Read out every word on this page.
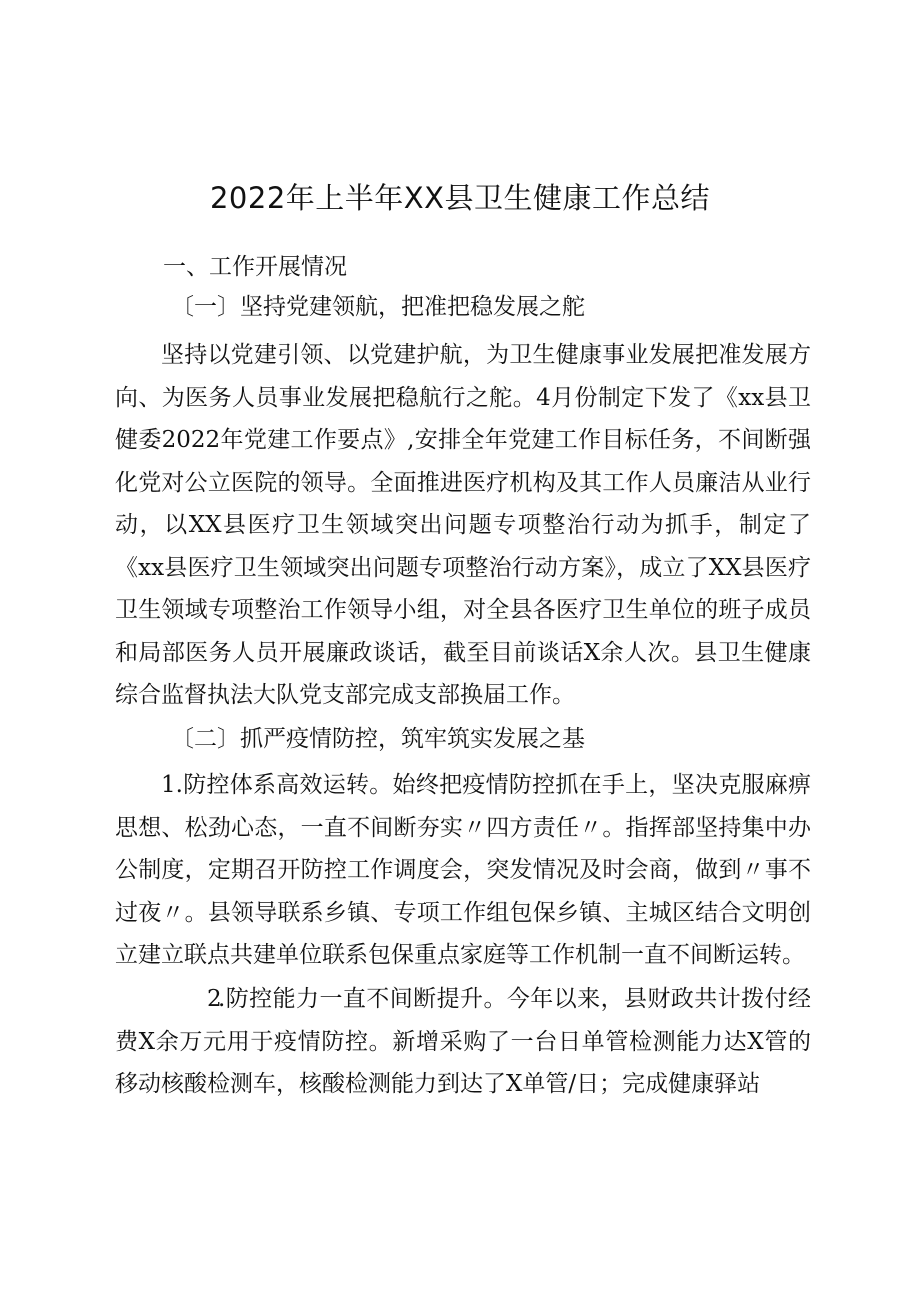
2022年上半年XX县卫生健康工作总结
一、工作开展情况
〔一〕坚持党建领航，把准把稳发展之舵

坚持以党建引领、以党建护航，为卫生健康事业发展把准发展方向、为医务人员事业发展把稳航行之舵。4月份制定下发了《xx县卫健委2022年党建工作要点》,安排全年党建工作目标任务，不间断强化党对公立医院的领导。全面推进医疗机构及其工作人员廉洁从业行动，以XX县医疗卫生领域突出问题专项整治行动为抓手，制定了《xx县医疗卫生领域突出问题专项整治行动方案》，成立了XX县医疗卫生领域专项整治工作领导小组，对全县各医疗卫生单位的班子成员和局部医务人员开展廉政谈话，截至目前谈话X余人次。县卫生健康综合监督执法大队党支部完成支部换届工作。

〔二〕抓严疫情防控，筑牢筑实发展之基

1.防控体系高效运转。始终把疫情防控抓在手上，坚决克服麻痹思想、松劲心态，一直不间断夯实〃四方责任〃。指挥部坚持集中办公制度，定期召开防控工作调度会，突发情况及时会商，做到〃事不过夜〃。县领导联系乡镇、专项工作组包保乡镇、主城区结合文明创立建立联点共建单位联系包保重点家庭等工作机制一直不间断运转。

2.防控能力一直不间断提升。今年以来，县财政共计拨付经费X余万元用于疫情防控。新增采购了一台日单管检测能力达X管的移动核酸检测车，核酸检测能力到达了X单管/日；完成健康驿站
